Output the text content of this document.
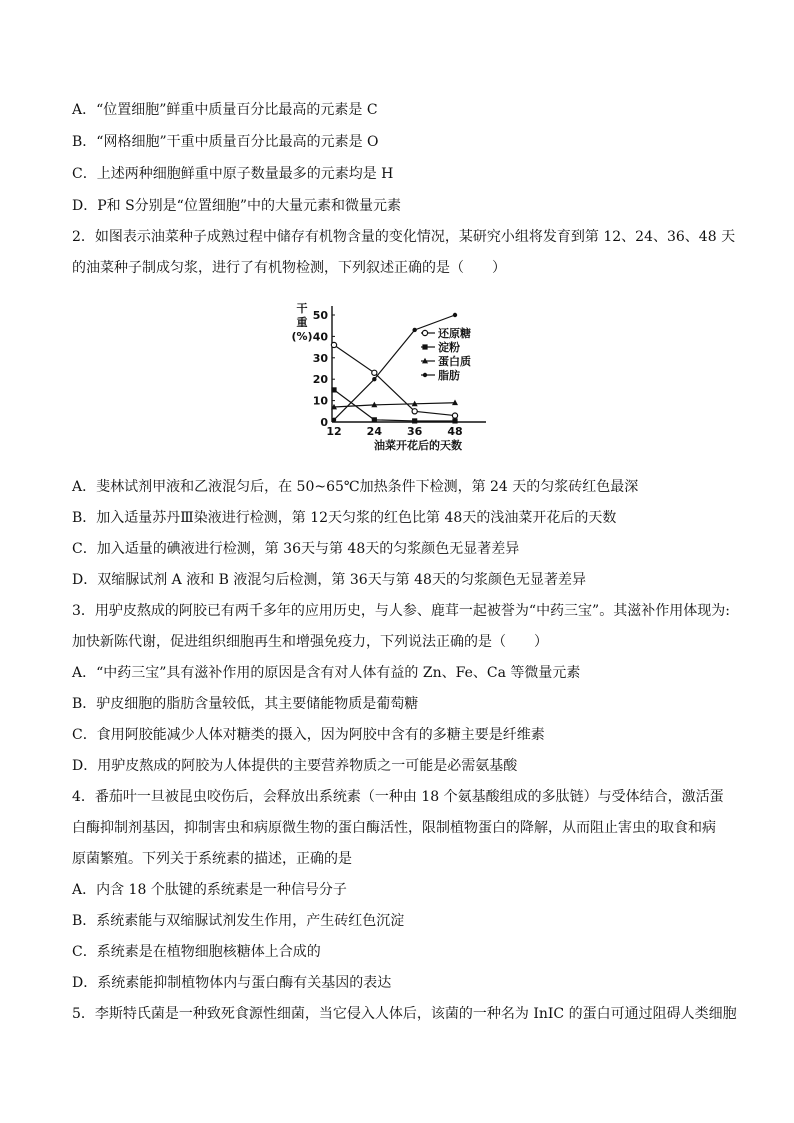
A．“位置细胞”鲜重中质量百分比最高的元素是 C
B．“网格细胞”干重中质量百分比最高的元素是 O
C．上述两种细胞鲜重中原子数量最多的元素均是 H
D．P和 S分别是“位置细胞”中的大量元素和微量元素
2．如图表示油菜种子成熟过程中储存有机物含量的变化情况，某研究小组将发育到第 12、24、36、48 天
的油菜种子制成匀浆，进行了有机物检测，下列叙述正确的是（　　）
0
10
20
30
40
50
12 24 36 48
干
重
(%)
油菜开花后的天数
还原糖
淀粉
蛋白质
脂肪
A．斐林试剂甲液和乙液混匀后，在 50~65℃加热条件下检测，第 24 天的匀浆砖红色最深
B．加入适量苏丹Ⅲ染液进行检测，第 12天匀浆的红色比第 48天的浅油菜开花后的天数
C．加入适量的碘液进行检测，第 36天与第 48天的匀浆颜色无显著差异
D．双缩脲试剂 A 液和 B 液混匀后检测，第 36天与第 48天的匀浆颜色无显著差异
3．用驴皮熬成的阿胶已有两千多年的应用历史，与人参、鹿茸一起被誉为“中药三宝”。其滋补作用体现为:
加快新陈代谢，促进组织细胞再生和增强免疫力，下列说法正确的是（　　）
A．“中药三宝”具有滋补作用的原因是含有对人体有益的 Zn、Fe、Ca 等微量元素
B．驴皮细胞的脂肪含量较低，其主要储能物质是葡萄糖
C．食用阿胶能减少人体对糖类的摄入，因为阿胶中含有的多糖主要是纤维素
D．用驴皮熬成的阿胶为人体提供的主要营养物质之一可能是必需氨基酸
4．番茄叶一旦被昆虫咬伤后，会释放出系统素（一种由 18 个氨基酸组成的多肽链）与受体结合，激活蛋
白酶抑制剂基因，抑制害虫和病原微生物的蛋白酶活性，限制植物蛋白的降解，从而阻止害虫的取食和病
原菌繁殖。下列关于系统素的描述，正确的是
A．内含 18 个肽键的系统素是一种信号分子
B．系统素能与双缩脲试剂发生作用，产生砖红色沉淀
C．系统素是在植物细胞核糖体上合成的
D．系统素能抑制植物体内与蛋白酶有关基因的表达
5．李斯特氏菌是一种致死食源性细菌，当它侵入人体后，该菌的一种名为 InIC 的蛋白可通过阻碍人类细胞
